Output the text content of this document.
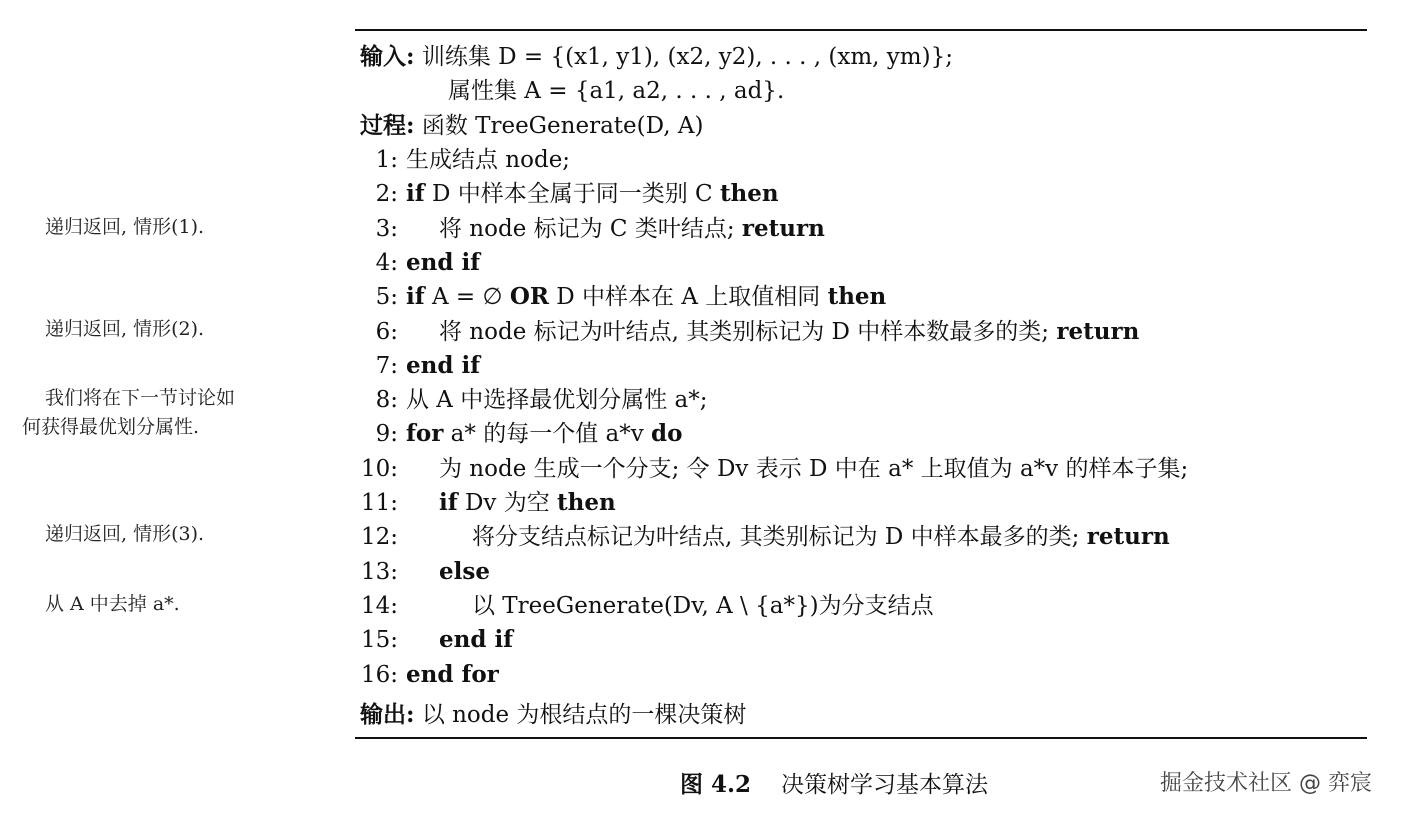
递归返回, 情形(1).
递归返回, 情形(2).
我们将在下一节讨论如
何获得最优划分属性.
递归返回, 情形(3).
从 A 中去掉 a*.
输入: 训练集 D = {(x1, y1), (x2, y2), . . . , (xm, ym)};
属性集 A = {a1, a2, . . . , ad}.
过程: 函数 TreeGenerate(D, A)
1: 生成结点 node;
2: if D 中样本全属于同一类别 C then
3: 将 node 标记为 C 类叶结点; return
4: end if
5: if A = ∅ OR D 中样本在 A 上取值相同 then
6: 将 node 标记为叶结点, 其类别标记为 D 中样本数最多的类; return
7: end if
8: 从 A 中选择最优划分属性 a*;
9: for a* 的每一个值 a*v do
10: 为 node 生成一个分支; 令 Dv 表示 D 中在 a* 上取值为 a*v 的样本子集;
11: if Dv 为空 then
12:	将分支结点标记为叶结点, 其类别标记为 D 中样本最多的类; return
13: else
14:	以 TreeGenerate(Dv, A \ {a*})为分支结点
15: end if
16: end for
输出: 以 node 为根结点的一棵决策树
图 4.2 决策树学习基本算法	掘金技术社区 @ 弈宸
